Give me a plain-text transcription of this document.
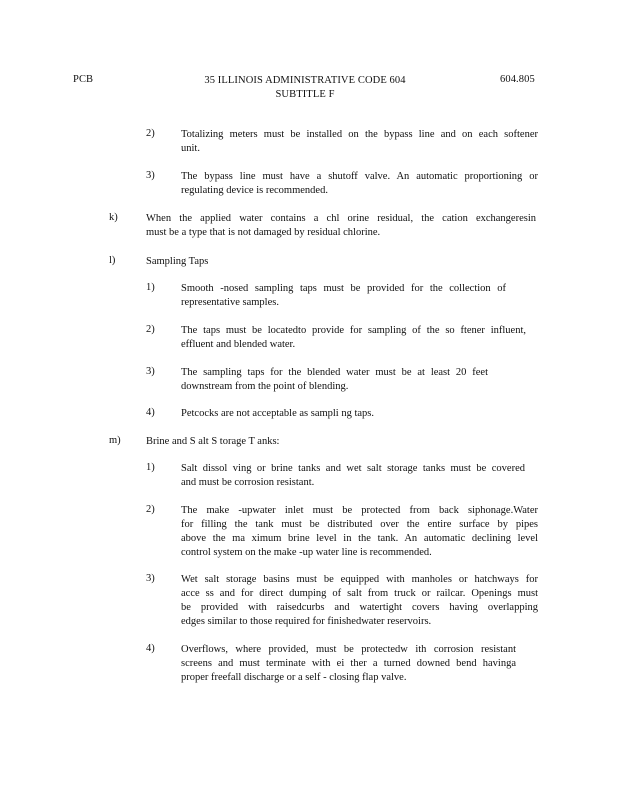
PCB	35 ILLINOIS ADMINISTRATIVE CODE 604
SUBTITLE F
604.805
2)	Totalizing meters must be installed on the bypass line and on each softener
unit.
3)	The bypass line must have a shutoff valve. An automatic proportioning or
regulating device is recommended.
k)	When the applied water contains a chl orine residual, the cation exchangeresin
must be a type that is not damaged by residual chlorine.
l)	Sampling Taps
1)	Smooth -nosed sampling taps must be provided for the collection of
representative samples.
2)	The taps must be locatedto provide for sampling of the so ftener influent,
effluent and blended water.
3)	The sampling taps for the blended water must be at least 20 feet
downstream from the point of blending.
4)	Petcocks are not acceptable as sampli ng taps.
m) Brine and S alt S torage T anks:
1)	Salt dissol ving or brine tanks and wet salt storage tanks must be covered
and must be corrosion resistant.
2)	The make -upwater inlet must be protected from back siphonage.Water
for filling the tank must be distributed over the entire surface by pipes
above the ma ximum brine level in the tank. An automatic declining level
control system on the make -up water line is recommended.
3)	Wet salt storage basins must be equipped with manholes or hatchways for
acce ss and for direct dumping of salt from truck or railcar. Openings must
be provided with raisedcurbs and watertight covers having overlapping
edges similar to those required for finishedwater reservoirs.
4)	Overflows, where provided, must be protectedw ith corrosion resistant
screens and must terminate with ei ther a turned downed bend havinga
proper freefall discharge or a self - closing flap valve.
